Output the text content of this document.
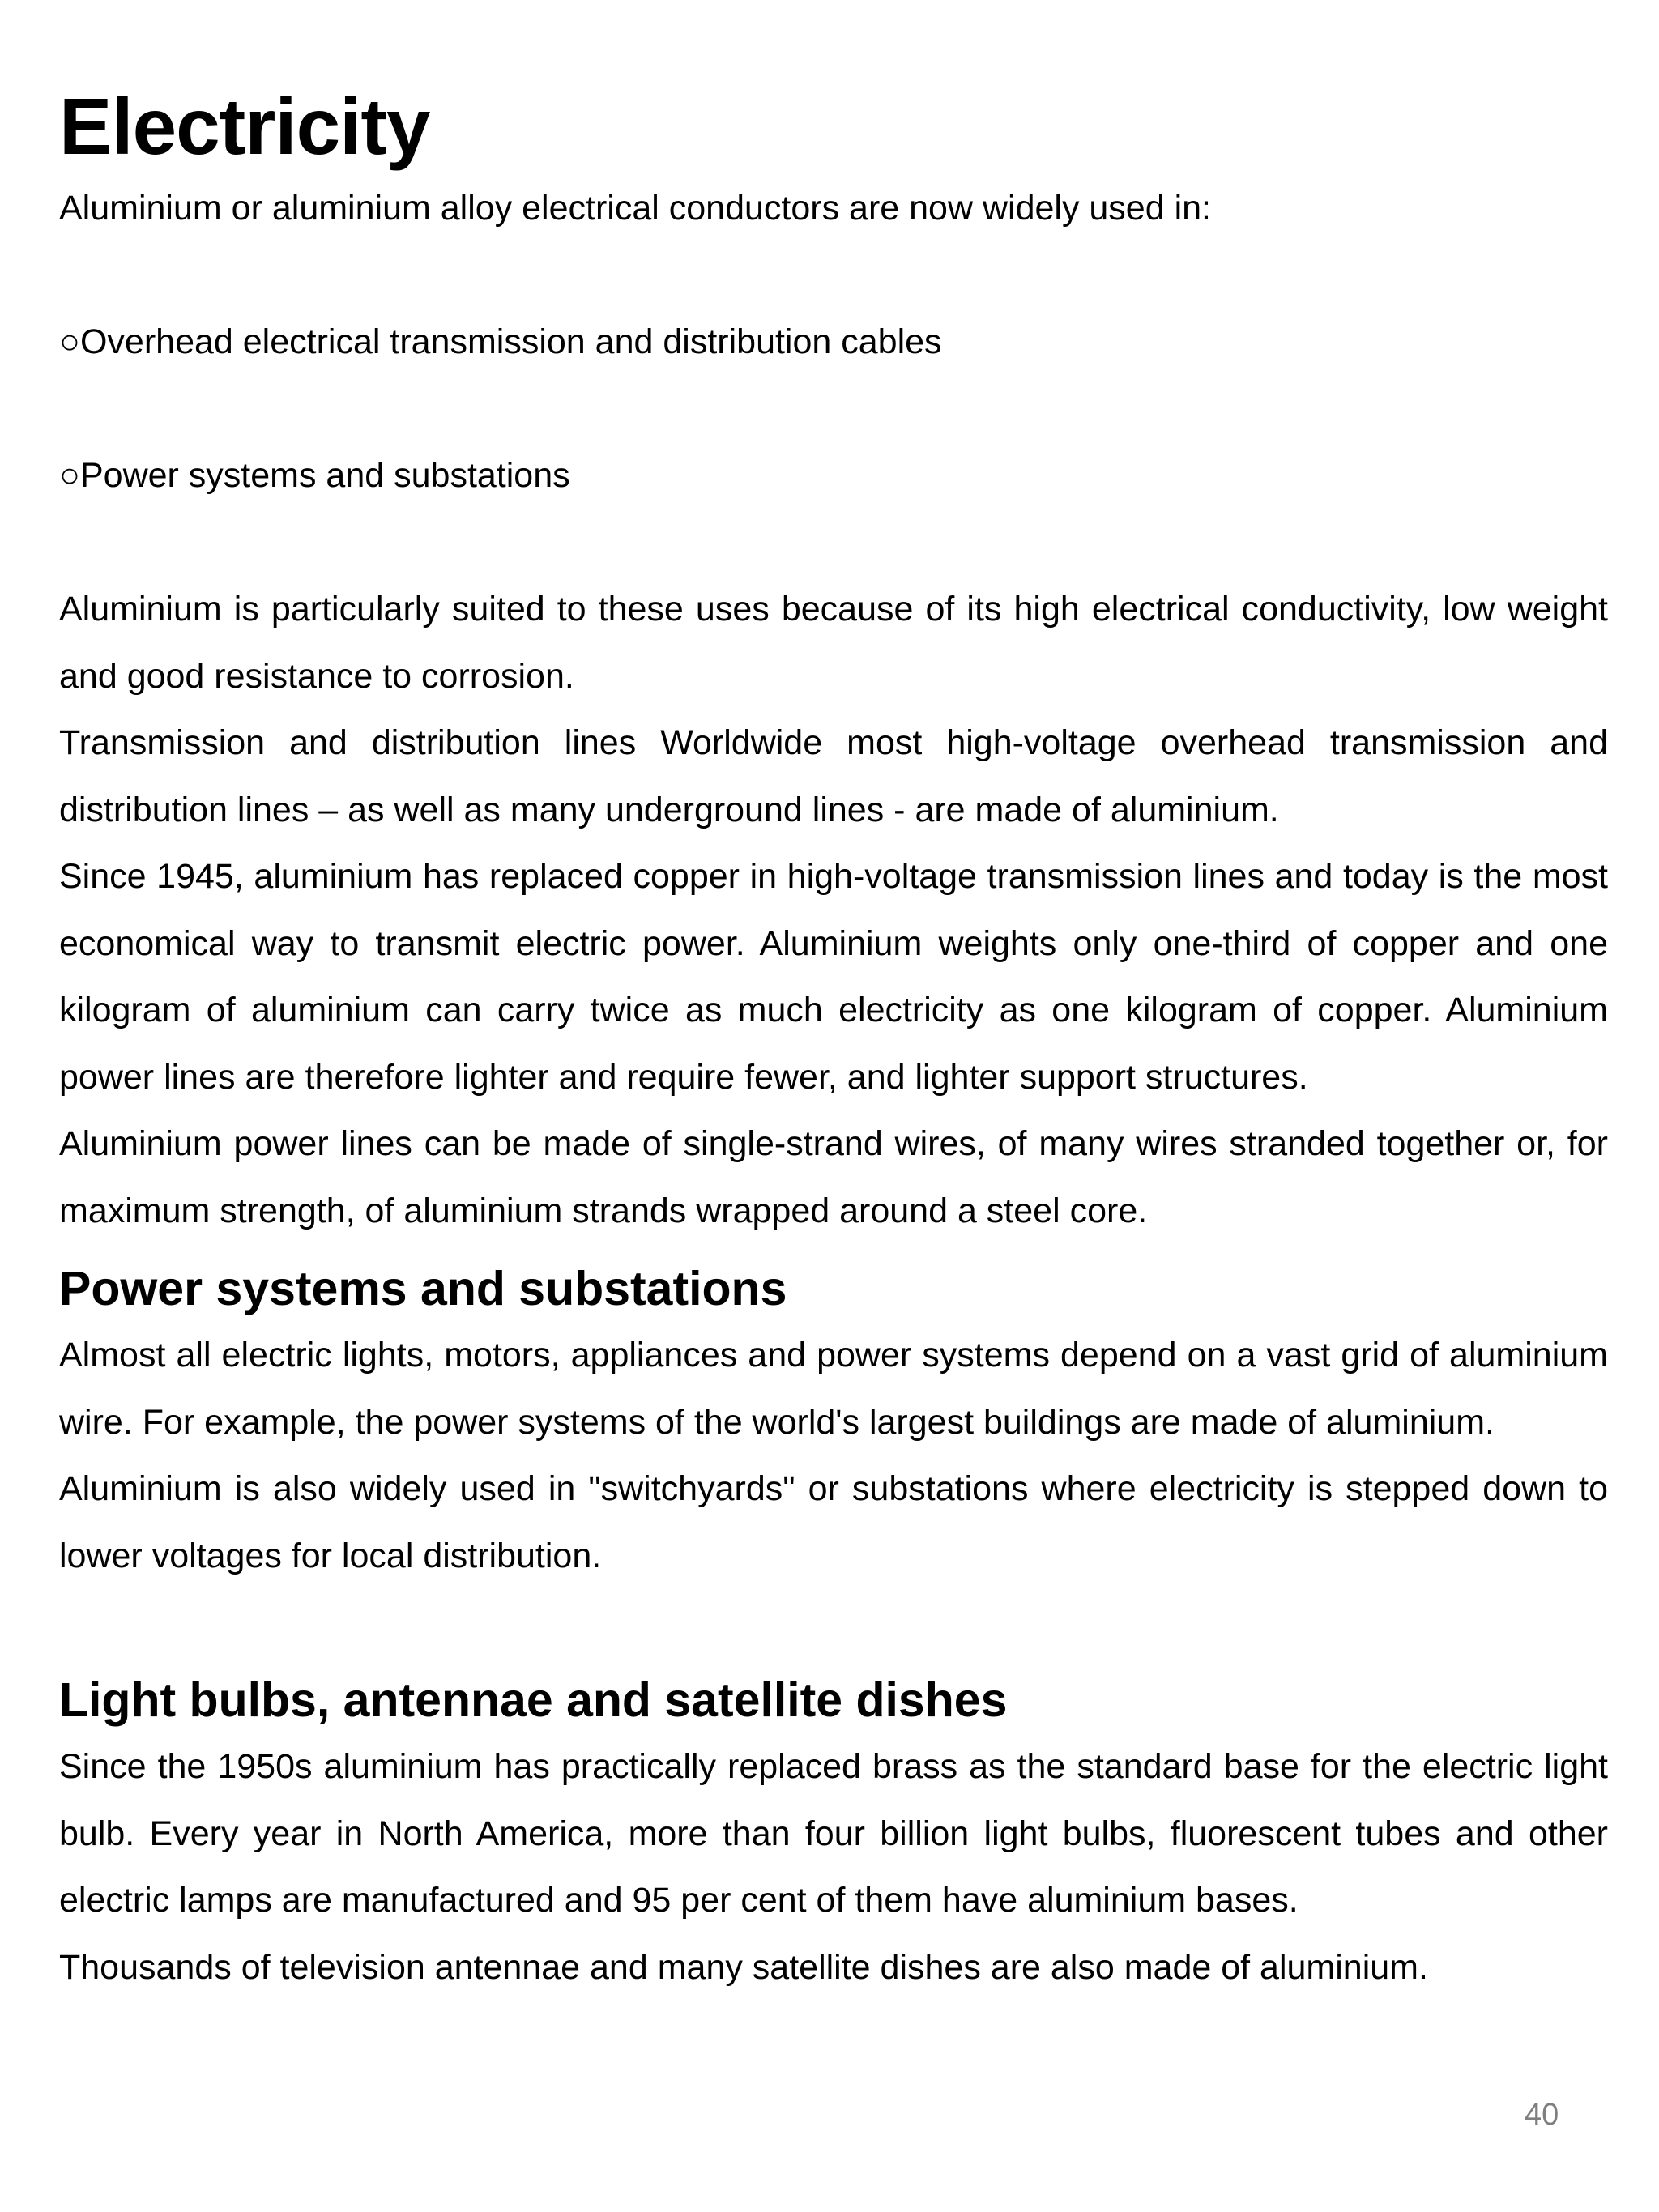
Electricity

Aluminium or aluminium alloy electrical conductors are now widely used in:

○Overhead electrical transmission and distribution cables

○Power systems and substations

Aluminium is particularly suited to these uses because of its high electrical conductivity, low weight and good resistance to corrosion.

Transmission and distribution lines Worldwide most high-voltage overhead transmission and distribution lines – as well as many underground lines - are made of aluminium.

Since 1945, aluminium has replaced copper in high-voltage transmission lines and today is the most economical way to transmit electric power. Aluminium weights only one-third of copper and one kilogram of aluminium can carry twice as much electricity as one kilogram of copper. Aluminium power lines are therefore lighter and require fewer, and lighter support structures.

Aluminium power lines can be made of single-strand wires, of many wires stranded together or, for maximum strength, of aluminium strands wrapped around a steel core.

Power systems and substations

Almost all electric lights, motors, appliances and power systems depend on a vast grid of aluminium wire. For example, the power systems of the world's largest buildings are made of aluminium.

Aluminium is also widely used in "switchyards" or substations where electricity is stepped down to lower voltages for local distribution.

Light bulbs, antennae and satellite dishes

Since the 1950s aluminium has practically replaced brass as the standard base for the electric light bulb. Every year in North America, more than four billion light bulbs, fluorescent tubes and other electric lamps are manufactured and 95 per cent of them have aluminium bases.

Thousands of television antennae and many satellite dishes are also made of aluminium.

40
